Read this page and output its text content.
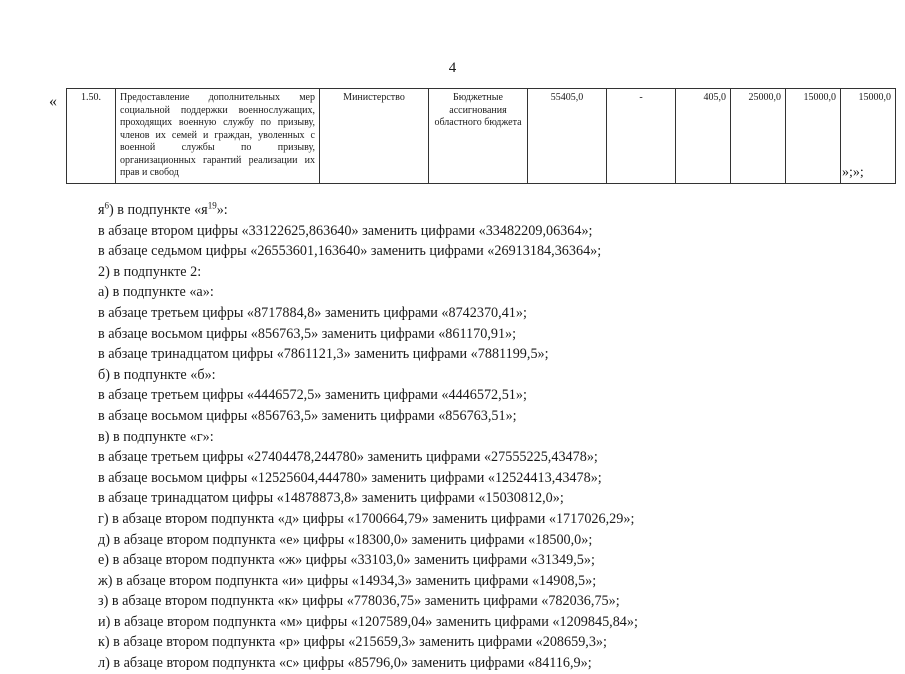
4
« 1.50.	Предоставление дополнительных мер социальной поддержки военнослужащих, проходящих военную службу по призыву, членов их семей и граждан, уволенных с военной службы по призыву, организационных гарантий реализации их прав и свобод	Министерство	Бюджетные ассигнования областного бюджета	55405,0	-	405,0	25000,0	15000,0	15000,0
»;»;
$я^6$) в подпункте «$я^{19}$»:
в абзаце втором цифры «33122625,863640» заменить цифрами «33482209,06364»;
в абзаце седьмом цифры «26553601,163640» заменить цифрами «26913184,36364»;
2) в подпункте 2:
а) в подпункте «а»:
в абзаце третьем цифры «8717884,8» заменить цифрами «8742370,41»;
в абзаце восьмом цифры «856763,5» заменить цифрами «861170,91»;
в абзаце тринадцатом цифры «7861121,3» заменить цифрами «7881199,5»;
б) в подпункте «б»:
в абзаце третьем цифры «4446572,5» заменить цифрами «4446572,51»;
в абзаце восьмом цифры «856763,5» заменить цифрами «856763,51»;
в) в подпункте «г»:
в абзаце третьем цифры «27404478,244780» заменить цифрами «27555225,43478»;
в абзаце восьмом цифры «12525604,444780» заменить цифрами «12524413,43478»;
в абзаце тринадцатом цифры «14878873,8» заменить цифрами «15030812,0»;
г) в абзаце втором подпункта «д» цифры «1700664,79» заменить цифрами «1717026,29»;
д) в абзаце втором подпункта «е» цифры «18300,0» заменить цифрами «18500,0»;
е) в абзаце втором подпункта «ж» цифры «33103,0» заменить цифрами «31349,5»;
ж) в абзаце втором подпункта «и» цифры «14934,3» заменить цифрами «14908,5»;
з) в абзаце втором подпункта «к» цифры «778036,75» заменить цифрами «782036,75»;
и) в абзаце втором подпункта «м» цифры «1207589,04» заменить цифрами «1209845,84»;
к) в абзаце втором подпункта «р» цифры «215659,3» заменить цифрами «208659,3»;
л) в абзаце втором подпункта «с» цифры «85796,0» заменить цифрами «84116,9»;
